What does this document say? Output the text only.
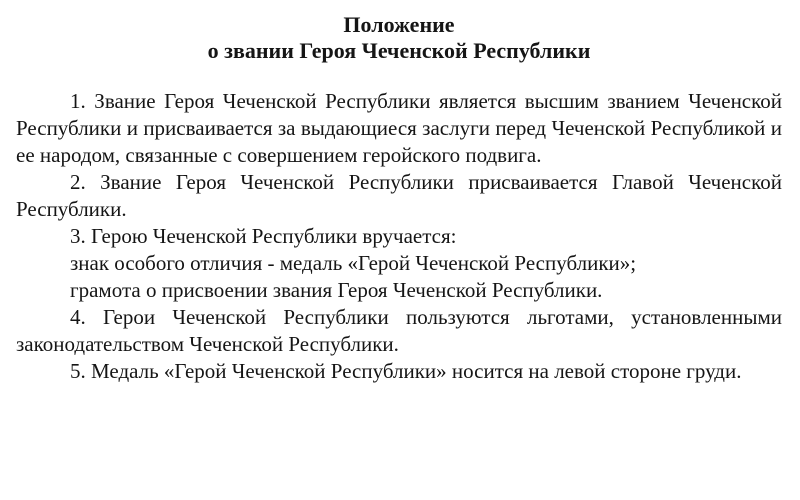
Положение

о звании Героя Чеченской Республики

1. Звание Героя Чеченской Республики является высшим званием Чеченской Республики и присваивается за выдающиеся заслуги перед Чеченской Республикой и ее народом, связанные с совершением геройского подвига.

2. Звание Героя Чеченской Республики присваивается Главой Чеченской Республики.

3. Герою Чеченской Республики вручается:

знак особого отличия - медаль «Герой Чеченской Республики»;

грамота о присвоении звания Героя Чеченской Республики.

4. Герои Чеченской Республики пользуются льготами, установленными законодательством Чеченской Республики.

5. Медаль «Герой Чеченской Республики» носится на левой стороне груди.
